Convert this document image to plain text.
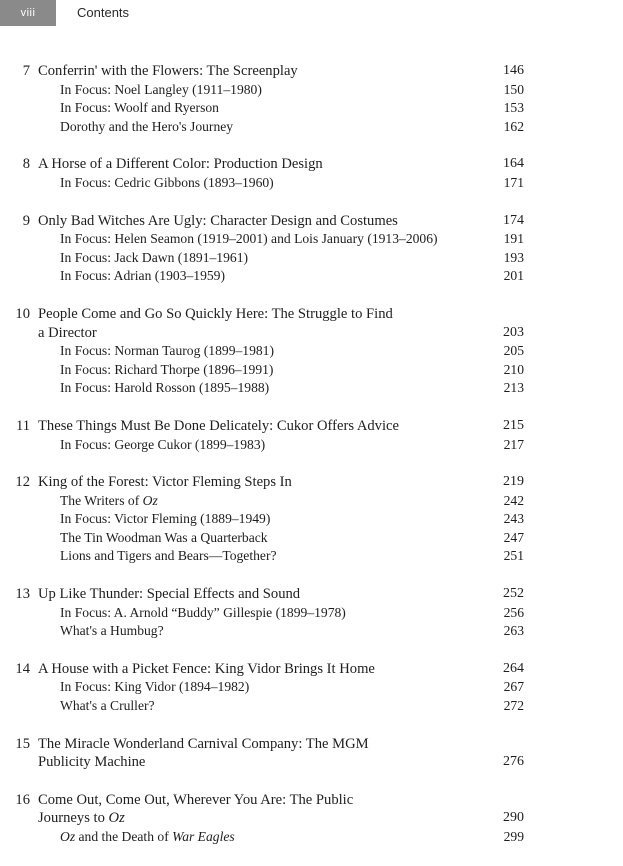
viii	Contents
7 Conferrin' with the Flowers: The Screenplay	146
In Focus: Noel Langley (1911–1980)	150
In Focus: Woolf and Ryerson	153
Dorothy and the Hero's Journey	162
8 A Horse of a Different Color: Production Design	164
In Focus: Cedric Gibbons (1893–1960)	171
9 Only Bad Witches Are Ugly: Character Design and Costumes	174
In Focus: Helen Seamon (1919–2001) and Lois January (1913–2006)	191
In Focus: Jack Dawn (1891–1961)	193
In Focus: Adrian (1903–1959)	201
10 People Come and Go So Quickly Here: The Struggle to Find
a Director	203
In Focus: Norman Taurog (1899–1981)	205
In Focus: Richard Thorpe (1896–1991)	210
In Focus: Harold Rosson (1895–1988)	213
11 These Things Must Be Done Delicately: Cukor Offers Advice	215
In Focus: George Cukor (1899–1983)	217
12 King of the Forest: Victor Fleming Steps In	219
The Writers of Oz	242
In Focus: Victor Fleming (1889–1949)	243
The Tin Woodman Was a Quarterback	247
Lions and Tigers and Bears—Together?	251
13 Up Like Thunder: Special Effects and Sound	252
In Focus: A. Arnold “Buddy” Gillespie (1899–1978)	256
What's a Humbug?	263
14 A House with a Picket Fence: King Vidor Brings It Home	264
In Focus: King Vidor (1894–1982)	267
What's a Cruller?	272
15 The Miracle Wonderland Carnival Company: The MGM
Publicity Machine	276
16 Come Out, Come Out, Wherever You Are: The Public
Journeys to Oz	290
Oz and the Death of War Eagles	299
